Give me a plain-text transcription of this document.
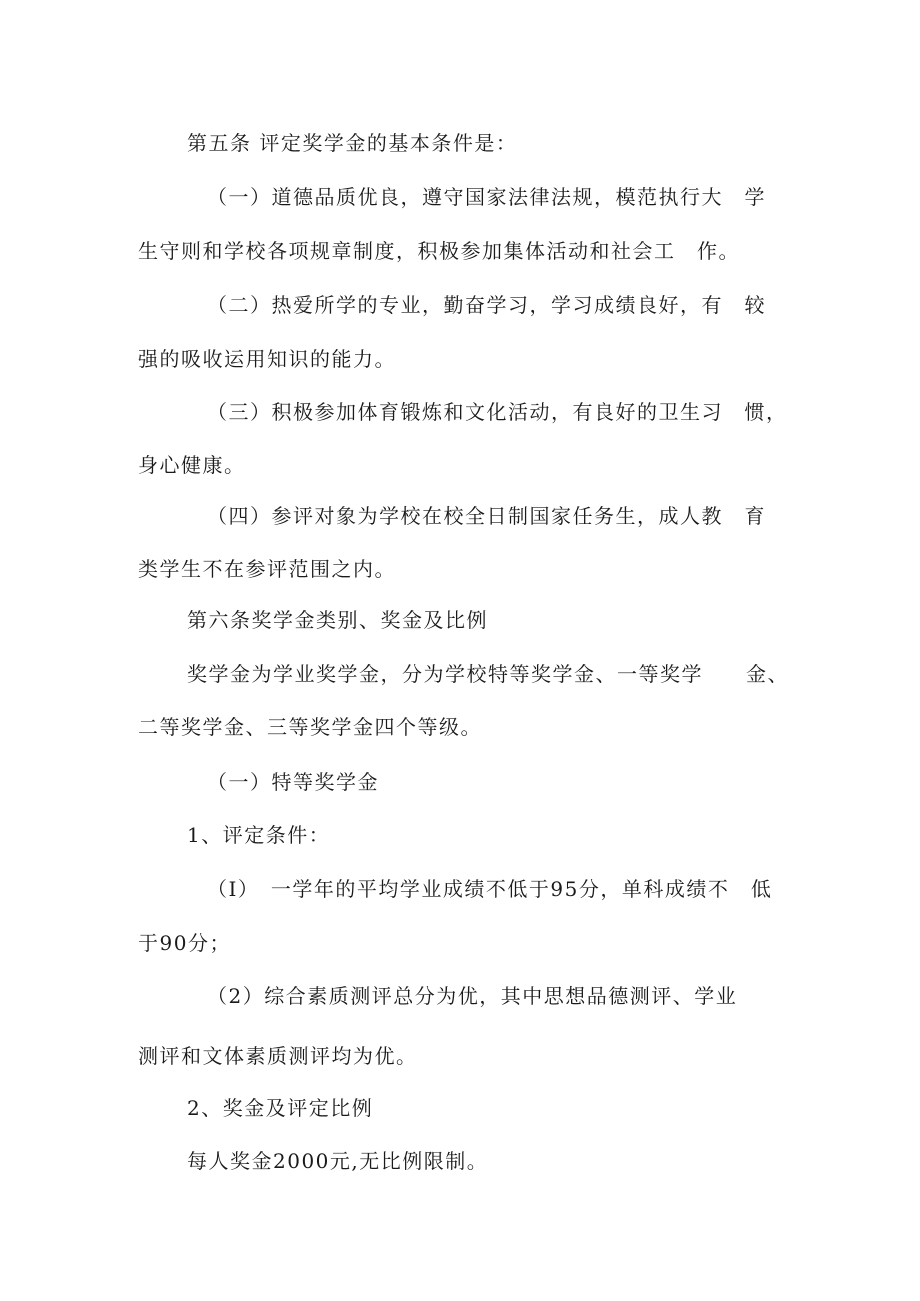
第五条 评定奖学金的基本条件是：
（一）道德品质优良，遵守国家法律法规，模范执行大　学
生守则和学校各项规章制度，积极参加集体活动和社会工　作。
（二）热爱所学的专业，勤奋学习，学习成绩良好，有　较
强的吸收运用知识的能力。
（三）积极参加体育锻炼和文化活动，有良好的卫生习　惯，
身心健康。
（四）参评对象为学校在校全日制国家任务生，成人教　育
类学生不在参评范围之内。
第六条奖学金类别、奖金及比例
奖学金为学业奖学金，分为学校特等奖学金、一等奖学　　金、
二等奖学金、三等奖学金四个等级。
（一）特等奖学金
1、评定条件：
（I）　一学年的平均学业成绩不低于95分，单科成绩不　低
于90分；
（2）综合素质测评总分为优，其中思想品德测评、学业
测评和文体素质测评均为优。
2、奖金及评定比例
每人奖金2000元,无比例限制。
